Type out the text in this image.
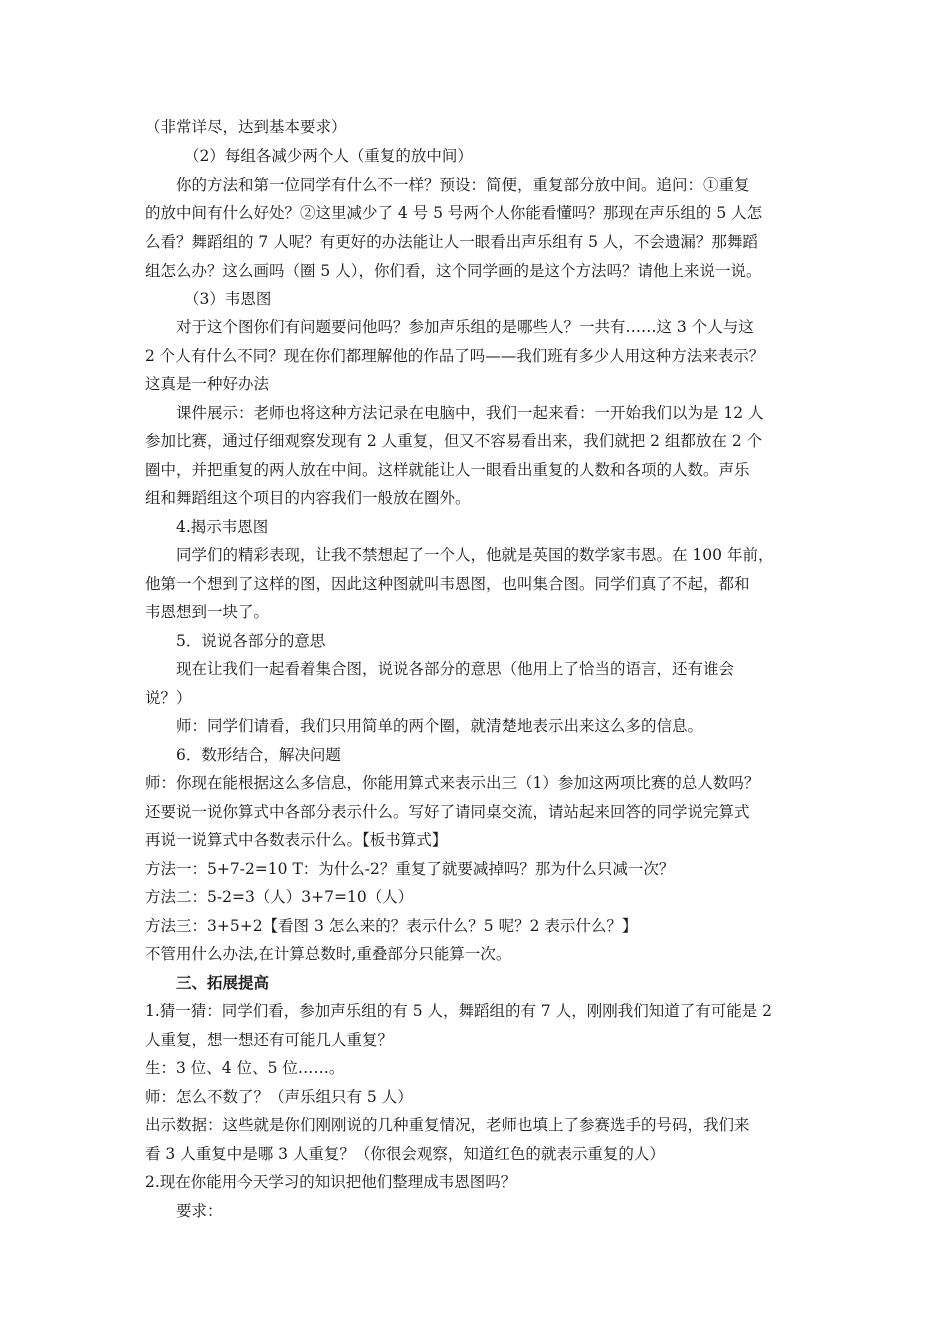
（非常详尽，达到基本要求）
（2）每组各减少两个人（重复的放中间）
你的方法和第一位同学有什么不一样？预设：简便，重复部分放中间。追问：①重复
的放中间有什么好处？②这里减少了 4 号 5 号两个人你能看懂吗？那现在声乐组的 5 人怎
么看？舞蹈组的 7 人呢？有更好的办法能让人一眼看出声乐组有 5 人，不会遗漏？那舞蹈
组怎么办？这么画吗（圈 5 人），你们看，这个同学画的是这个方法吗？请他上来说一说。
（3）韦恩图
对于这个图你们有问题要问他吗？参加声乐组的是哪些人？一共有……这 3 个人与这
2 个人有什么不同？现在你们都理解他的作品了吗——我们班有多少人用这种方法来表示？
这真是一种好办法
课件展示：老师也将这种方法记录在电脑中，我们一起来看：一开始我们以为是 12 人
参加比赛，通过仔细观察发现有 2 人重复，但又不容易看出来，我们就把 2 组都放在 2 个
圈中，并把重复的两人放在中间。这样就能让人一眼看出重复的人数和各项的人数。声乐
组和舞蹈组这个项目的内容我们一般放在圈外。
4.揭示韦恩图
同学们的精彩表现，让我不禁想起了一个人，他就是英国的数学家韦恩。在 100 年前，
他第一个想到了这样的图，因此这种图就叫韦恩图，也叫集合图。同学们真了不起，都和
韦恩想到一块了。
5．说说各部分的意思
现在让我们一起看着集合图，说说各部分的意思（他用上了恰当的语言，还有谁会
说？）
师：同学们请看，我们只用简单的两个圈，就清楚地表示出来这么多的信息。
6．数形结合，解决问题
师：你现在能根据这么多信息，你能用算式来表示出三（1）参加这两项比赛的总人数吗？
还要说一说你算式中各部分表示什么。写好了请同桌交流，请站起来回答的同学说完算式
再说一说算式中各数表示什么。【板书算式】
方法一：5+7-2=10 T：为什么-2？重复了就要减掉吗？那为什么只减一次？
方法二：5-2=3（人）3+7=10（人）
方法三：3+5+2【看图 3 怎么来的？表示什么？5 呢？2 表示什么？】
不管用什么办法,在计算总数时,重叠部分只能算一次。
三、拓展提高
1.猜一猜：同学们看，参加声乐组的有 5 人，舞蹈组的有 7 人，刚刚我们知道了有可能是 2
人重复，想一想还有可能几人重复？
生：3 位、4 位、5 位……。
师：怎么不数了？（声乐组只有 5 人）
出示数据：这些就是你们刚刚说的几种重复情况，老师也填上了参赛选手的号码，我们来
看 3 人重复中是哪 3 人重复？（你很会观察，知道红色的就表示重复的人）
2.现在你能用今天学习的知识把他们整理成韦恩图吗？
要求：
